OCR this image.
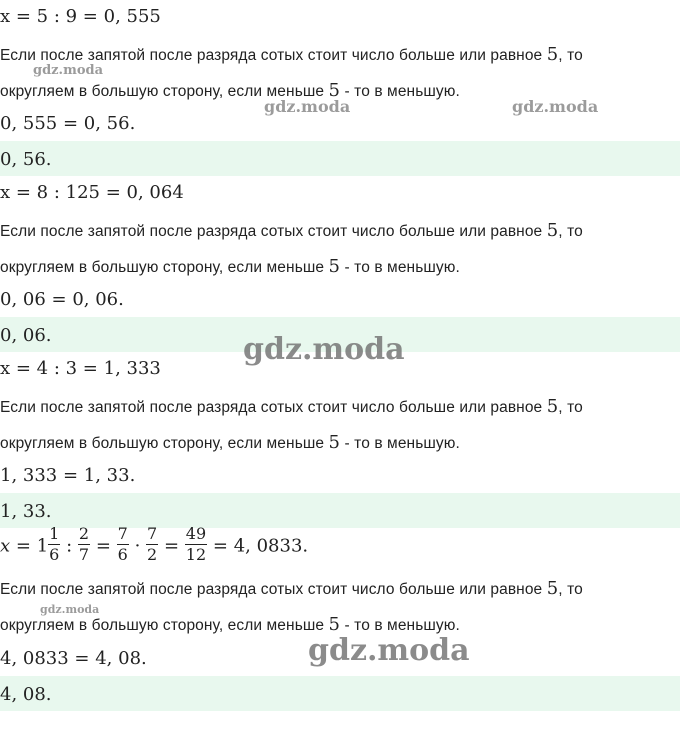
x = 5 : 9 = 0, 555
Если после запятой после разряда сотых стоит число больше или равное 5, то
округляем в большую сторону, если меньше 5 - то в меньшую.
0, 555 = 0, 56.
0, 56.
x = 8 : 125 = 0, 064
Если после запятой после разряда сотых стоит число больше или равное 5, то
округляем в большую сторону, если меньше 5 - то в меньшую.
0, 06 = 0, 06.
0, 06.
x = 4 : 3 = 1, 333
Если после запятой после разряда сотых стоит число больше или равное 5, то
округляем в большую сторону, если меньше 5 - то в меньшую.
1, 333 = 1, 33.
1, 33.
$x = 1 \frac{1}{6}$ : $\frac{2}{7} = \frac{7}{6} \cdot \frac{7}{2} = \frac{49}{12} = 4$, 0833.
Если после запятой после разряда сотых стоит число больше или равное 5, то
округляем в большую сторону, если меньше 5 - то в меньшую.
4, 0833 = 4, 08.
4, 08.
gdz.moda
gdz.moda	gdz.moda
gdz.moda
gdz.moda
gdz.moda
